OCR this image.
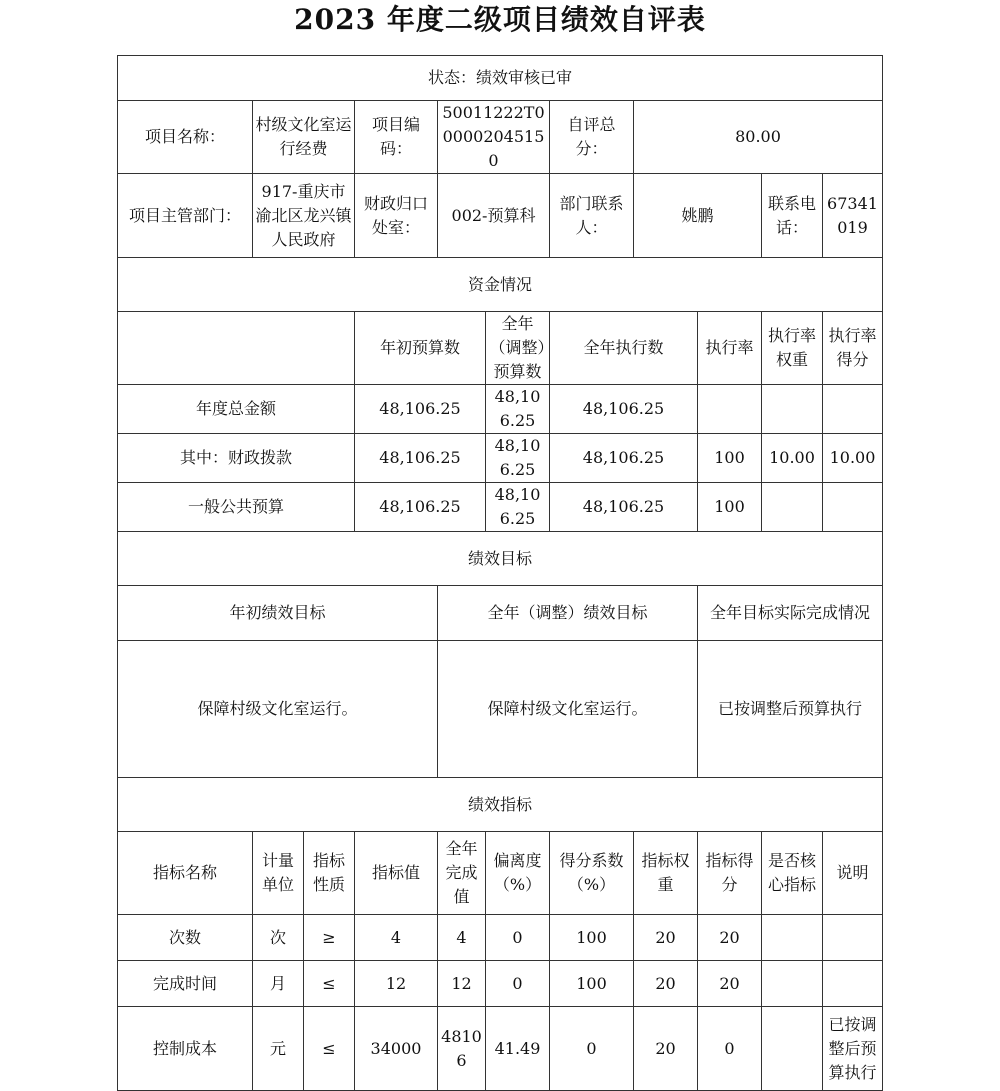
2023 年度二级项目绩效自评表
状态：绩效审核已审										
项目名称：	村级文化室运行经费		项目编码：	50011222T000002045150		自评总分：	80.00			
项目主管部门：	917-重庆市渝北区龙兴镇人民政府		财政归口处室：	002-预算科		部门联系人：	姚鹏		联系电话：	67341019
资金情况										
			年初预算数		全年（调整）预算数	全年执行数		执行率	执行率权重	执行率得分
年度总金额			48,106.25		48,106.25	48,106.25				
其中：财政拨款			48,106.25		48,106.25	48,106.25		100	10.00	10.00
一般公共预算			48,106.25		48,106.25	48,106.25		100		
绩效目标										
年初绩效目标				全年（调整）绩效目标				全年目标实际完成情况		
保障村级文化室运行。				保障村级文化室运行。				已按调整后预算执行		
绩效指标										
指标名称	计量单位	指标性质	指标值	全年完成值	偏离度（%）	得分系数（%）	指标权重	指标得分	是否核心指标	说明
次数	次	≥	4	4	0	100	20	20		
完成时间	月	≤	12	12	0	100	20	20		
控制成本	元	≤	34000	48106	41.49	0	20	0		已按调整后预算执行
